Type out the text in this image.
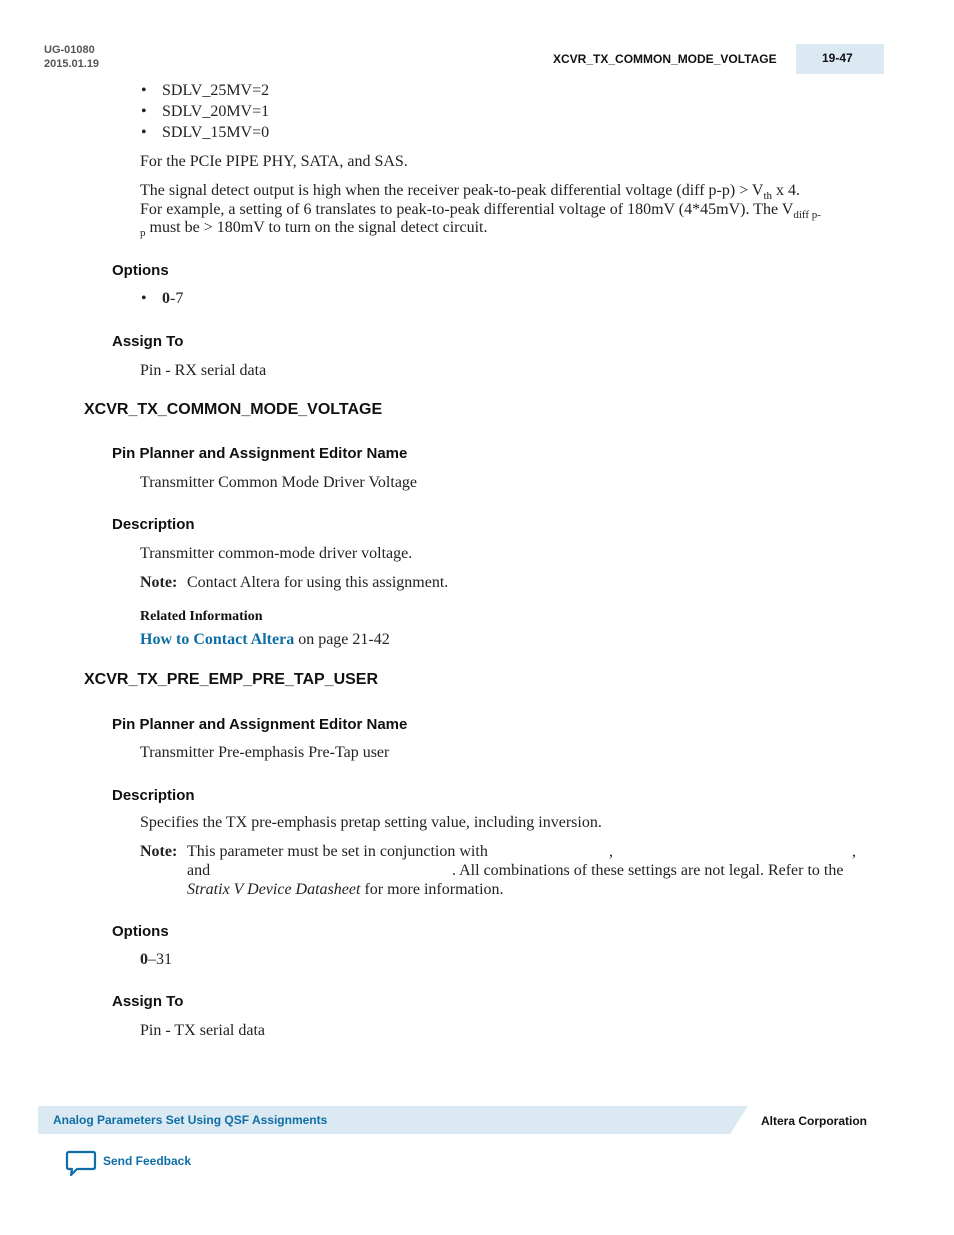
UG-01080
2015.01.19	XCVR_TX_COMMON_MODE_VOLTAGE	19-47
• SDLV_25MV=2
• SDLV_20MV=1
• SDLV_15MV=0
For the PCIe PIPE PHY, SATA, and SAS.
The signal detect output is high when the receiver peak-to-peak differential voltage (diff $p-p) > V_{th}$ x 4.
For example, a setting of 6 translates to peak-to-peak differential voltage of 180mV (4*45mV). The $V_{diff p-}$
$_p$ must be > 180mV to turn on the signal detect circuit.
Options
• 0-7
Assign To
Pin - RX serial data
XCVR_TX_COMMON_MODE_VOLTAGE
Pin Planner and Assignment Editor Name
Transmitter Common Mode Driver Voltage
Description
Transmitter common-mode driver voltage.
Note: Contact Altera for using this assignment.
Related Information
How to Contact Altera on page 21-42
XCVR_TX_PRE_EMP_PRE_TAP_USER
Pin Planner and Assignment Editor Name
Transmitter Pre-emphasis Pre-Tap user
Description
Specifies the TX pre-emphasis pretap setting value, including inversion.
Note: This parameter must be set in conjunction with	,	,
and	. All combinations of these settings are not legal. Refer to the
Stratix V Device Datasheet for more information.
Options
0–31
Assign To
Pin - TX serial data
Analog Parameters Set Using QSF Assignments	Altera Corporation
Send Feedback
